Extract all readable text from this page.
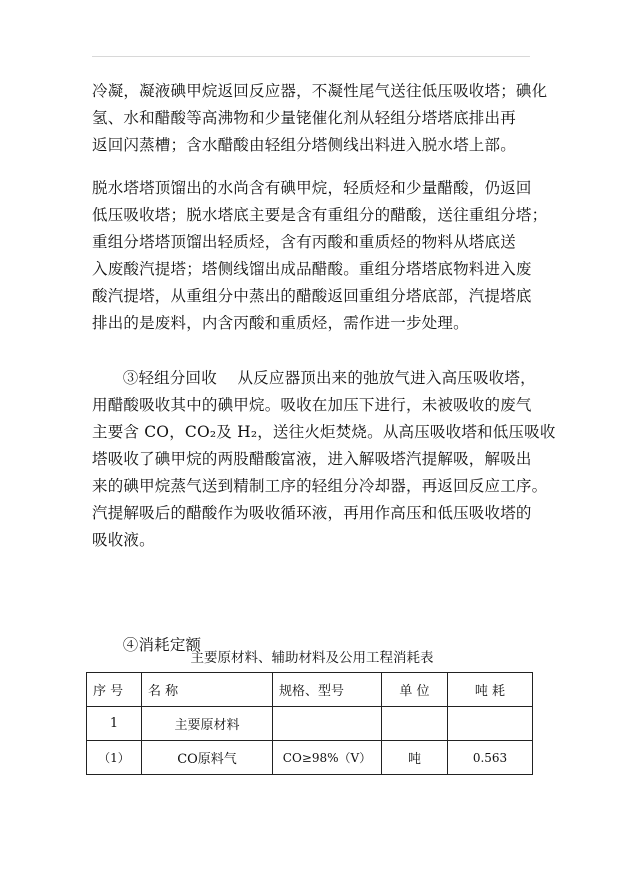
冷凝，凝液碘甲烷返回反应器，不凝性尾气送往低压吸收塔；碘化
氢、水和醋酸等高沸物和少量铑催化剂从轻组分塔塔底排出再
返回闪蒸槽；含水醋酸由轻组分塔侧线出料进入脱水塔上部。

脱水塔塔顶馏出的水尚含有碘甲烷，轻质烃和少量醋酸，仍返回
低压吸收塔；脱水塔底主要是含有重组分的醋酸，送往重组分塔；
重组分塔塔顶馏出轻质烃，含有丙酸和重质烃的物料从塔底送
入废酸汽提塔；塔侧线馏出成品醋酸。重组分塔塔底物料进入废
酸汽提塔，从重组分中蒸出的醋酸返回重组分塔底部，汽提塔底
排出的是废料，内含丙酸和重质烃，需作进一步处理。

③轻组分回收    从反应器顶出来的弛放气进入高压吸收塔，
用醋酸吸收其中的碘甲烷。吸收在加压下进行，未被吸收的废气
主要含 CO，CO₂及 H₂，送往火炬焚烧。从高压吸收塔和低压吸收
塔吸收了碘甲烷的两股醋酸富液，进入解吸塔汽提解吸，解吸出
来的碘甲烷蒸气送到精制工序的轻组分冷却器，再返回反应工序。
汽提解吸后的醋酸作为吸收循环液，再用作高压和低压吸收塔的
吸收液。

④消耗定额

主要原材料、辅助材料及公用工程消耗表
序 号	名 称	规格、型号	单 位	吨 耗
1	主要原材料			
（1）	CO原料气	CO≥98%（V）	吨	0.563
